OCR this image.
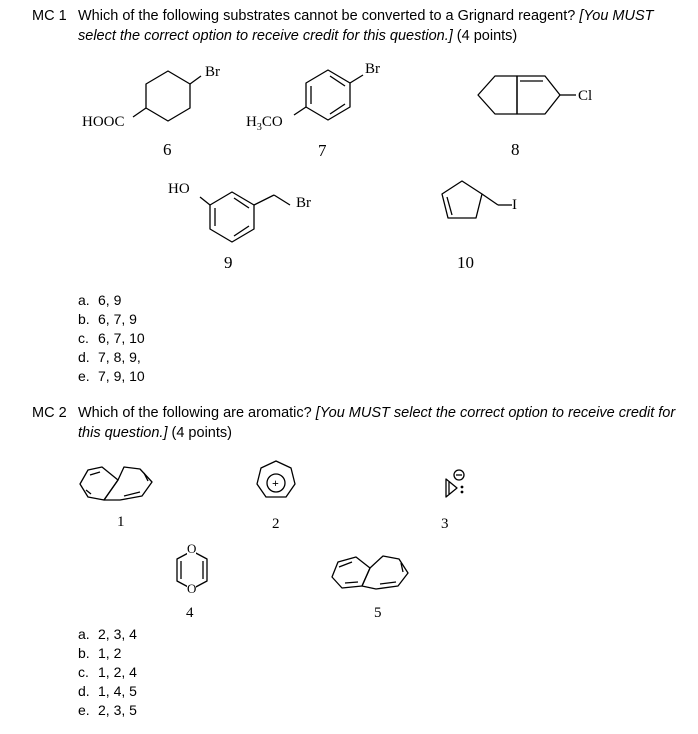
MC 1 Which of the following substrates cannot be converted to a Grignard reagent? [You MUST select the correct option to receive credit for this question.] (4 points)
Br
HOOC
6
Br
$H_3CO$
7
Cl
8
HO
Br
9
I
10
a. 6, 9
b. 6, 7, 9
c. 6, 7, 10
d. 7, 8, 9,
e. 7, 9, 10
MC 2 Which of the following are aromatic? [You MUST select the correct option to receive credit for this question.] (4 points)
1
+
2	3
O
O
4	5
a. 2, 3, 4
b. 1, 2
c. 1, 2, 4
d. 1, 4, 5
e. 2, 3, 5
